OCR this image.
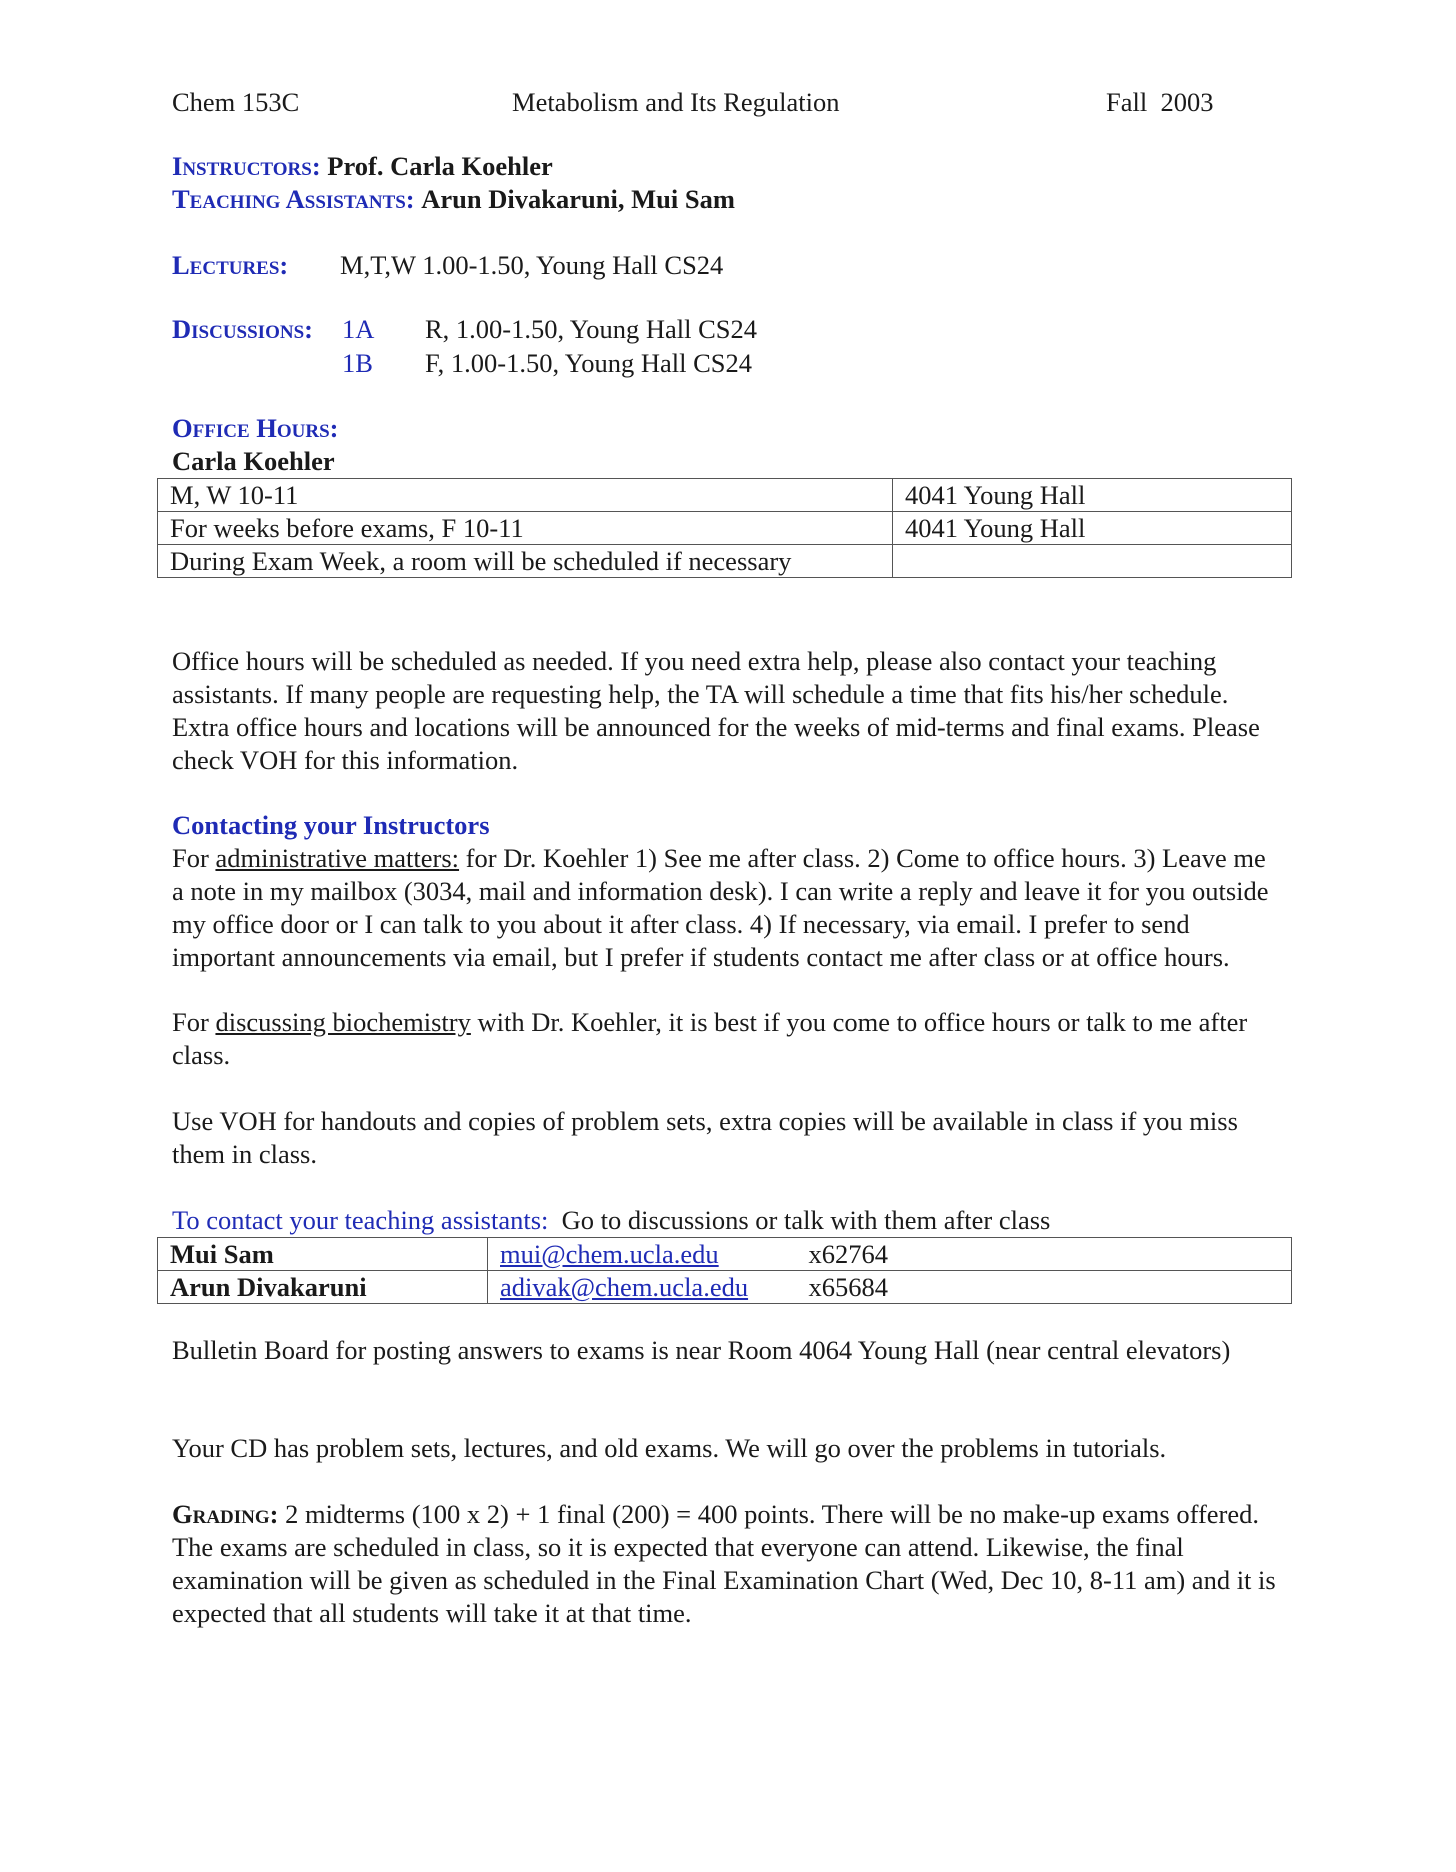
Chem 153C	Metabolism and Its Regulation	Fall  2003

Instructors: Prof. Carla Koehler

Teaching Assistants: Arun Divakaruni, Mui Sam

Lectures: M,T,W 1.00-1.50, Young Hall CS24

Discussions: 1A R, 1.00-1.50, Young Hall CS24

1B F, 1.00-1.50, Young Hall CS24

Office Hours:

Carla Koehler

M, W 10-11	4041 Young Hall
For weeks before exams, F 10-11	4041 Young Hall
During Exam Week, a room will be scheduled if necessary	

Office hours will be scheduled as needed. If you need extra help, please also contact your teaching assistants. If many people are requesting help, the TA will schedule a time that fits his/her schedule. Extra office hours and locations will be announced for the weeks of mid-terms and final exams. Please check VOH for this information.

Contacting your Instructors

For administrative matters: for Dr. Koehler 1) See me after class. 2) Come to office hours. 3) Leave me a note in my mailbox (3034, mail and information desk). I can write a reply and leave it for you outside my office door or I can talk to you about it after class. 4) If necessary, via email. I prefer to send important announcements via email, but I prefer if students contact me after class or at office hours.

For discussing biochemistry with Dr. Koehler, it is best if you come to office hours or talk to me after class.

Use VOH for handouts and copies of problem sets, extra copies will be available in class if you miss them in class.

To contact your teaching assistants:  Go to discussions or talk with them after class

Mui Sam	mui@chem.ucla.edu x62764

Arun Divakaruni	adivak@chem.ucla.edu x65684

Bulletin Board for posting answers to exams is near Room 4064 Young Hall (near central elevators)

Your CD has problem sets, lectures, and old exams. We will go over the problems in tutorials.

Grading: 2 midterms (100 x 2) + 1 final (200) = 400 points. There will be no make-up exams offered. The exams are scheduled in class, so it is expected that everyone can attend. Likewise, the final examination will be given as scheduled in the Final Examination Chart (Wed, Dec 10, 8-11 am) and it is expected that all students will take it at that time.
